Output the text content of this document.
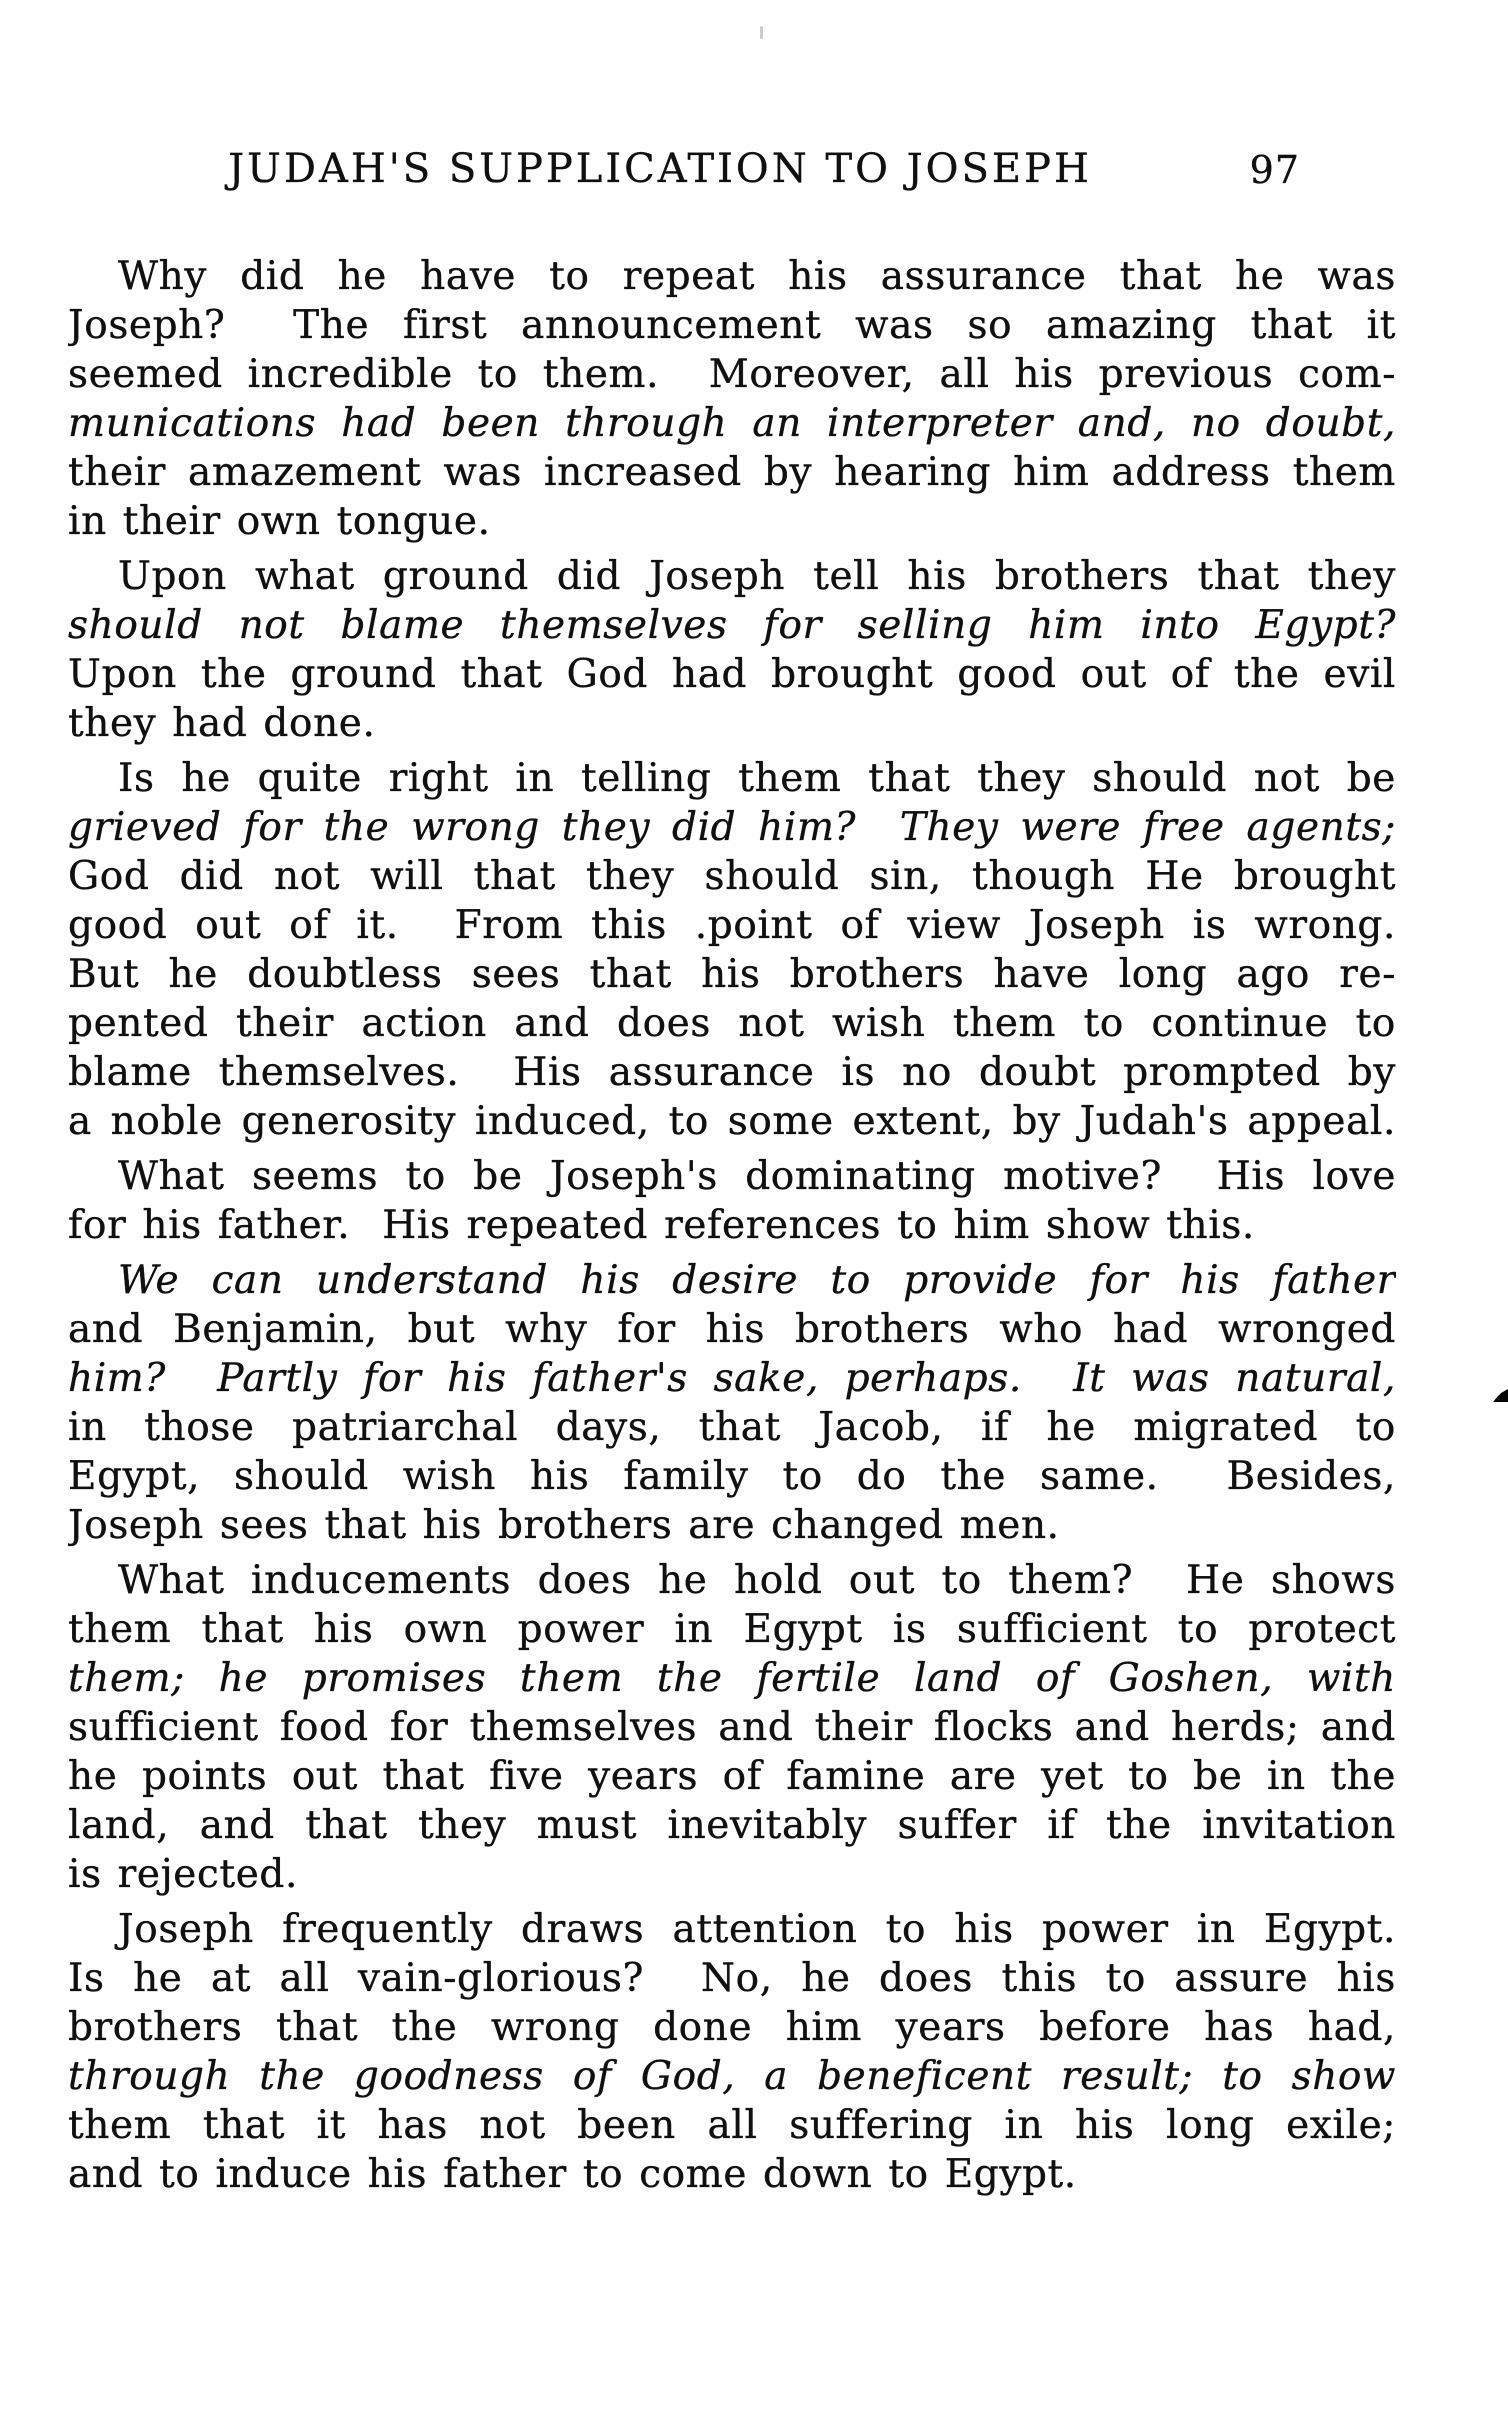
JUDAH'S SUPPLICATION TO JOSEPH	97
Why did he have to repeat his assurance that he was
Joseph?  The first announcement was so amazing that it
seemed incredible to them.  Moreover, all his previous com-
munications had been through an interpreter and, no doubt,
their amazement was increased by hearing him address them
in their own tongue.
Upon what ground did Joseph tell his brothers that they
should not blame themselves for selling him into Egypt?
Upon the ground that God had brought good out of the evil
they had done.
Is he quite right in telling them that they should not be
grieved for the wrong they did him?  They were free agents;
God did not will that they should sin, though He brought
good out of it.  From this .point of view Joseph is wrong.
But he doubtless sees that his brothers have long ago re-
pented their action and does not wish them to continue to
blame themselves.  His assurance is no doubt prompted by
a noble generosity induced, to some extent, by Judah's appeal.
What seems to be Joseph's dominating motive?  His love
for his father.  His repeated references to him show this.
We can understand his desire to provide for his father
and Benjamin, but why for his brothers who had wronged
him?  Partly for his father's sake, perhaps.  It was natural,
in those patriarchal days, that Jacob, if he migrated to
Egypt, should wish his family to do the same.  Besides,
Joseph sees that his brothers are changed men.
What inducements does he hold out to them?  He shows
them that his own power in Egypt is sufficient to protect
them; he promises them the fertile land of Goshen, with
sufficient food for themselves and their flocks and herds; and
he points out that five years of famine are yet to be in the
land, and that they must inevitably suffer if the invitation
is rejected.
Joseph frequently draws attention to his power in Egypt.
Is he at all vain-glorious?  No, he does this to assure his
brothers that the wrong done him years before has had,
through the goodness of God, a beneficent result; to show
them that it has not been all suffering in his long exile;
and to induce his father to come down to Egypt.
